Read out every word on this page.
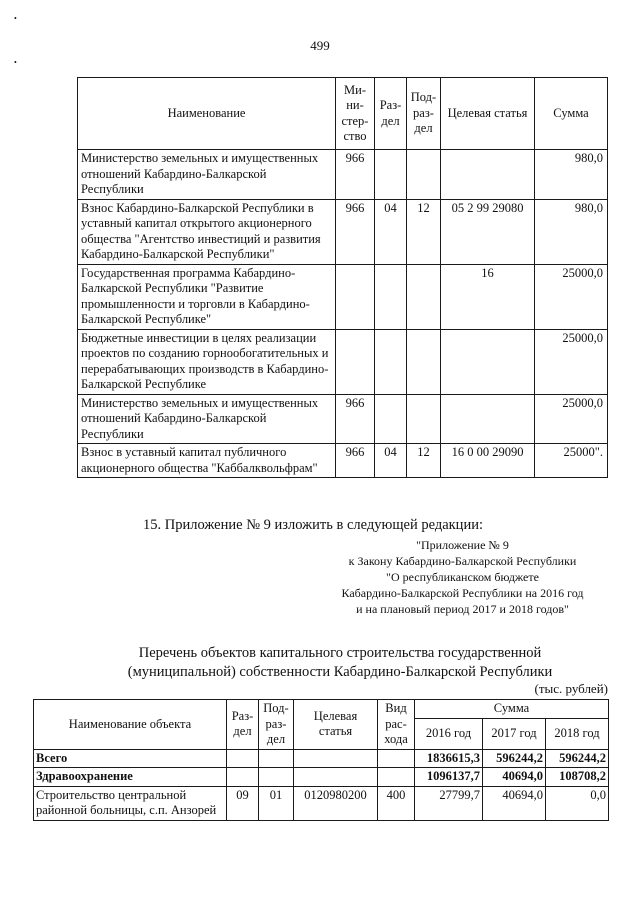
•
•
499
Наименование	Ми- ни- стер- ство	Раз- дел	Под- раз- дел	Целевая статья	Сумма
Министерство земельных и имущественных отношений Кабардино-Балкарской Республики	966				980,0
Взнос Кабардино-Балкарской Республики в уставный капитал открытого акционерного общества "Агентство инвестиций и развития Кабардино-Балкарской Республики"	966	04	12	05 2 99 29080	980,0
Государственная программа Кабардино-Балкарской Республики "Развитие промышленности и торговли в Кабардино-Балкарской Республике"				16	25000,0
Бюджетные инвестиции в целях реализации проектов по созданию горнообогатительных и перерабатывающих производств в Кабардино-Балкарской Республике					25000,0
Министерство земельных и имущественных отношений Кабардино-Балкарской Республики	966				25000,0
Взнос в уставный капитал публичного акционерного общества "Каббалквольфрам"	966	04	12	16 0 00 29090	25000".
15. Приложение № 9 изложить в следующей редакции:
"Приложение № 9
к Закону Кабардино-Балкарской Республики
"О республиканском бюджете
Кабардино-Балкарской Республики на 2016 год
и на плановый период 2017 и 2018 годов"
Перечень объектов капитального строительства государственной
(муниципальной) собственности Кабардино-Балкарской Республики
(тыс. рублей)
Наименование объекта	Раз- дел	Под- раз- дел	Целевая статья	Вид рас- хода	Сумма		
					2016 год	2017 год	2018 год
Всего					1836615,3	596244,2	596244,2
Здравоохранение					1096137,7	40694,0	108708,2
Строительство центральной районной больницы, с.п. Анзорей	09	01	0120980200	400	27799,7	40694,0	0,0
